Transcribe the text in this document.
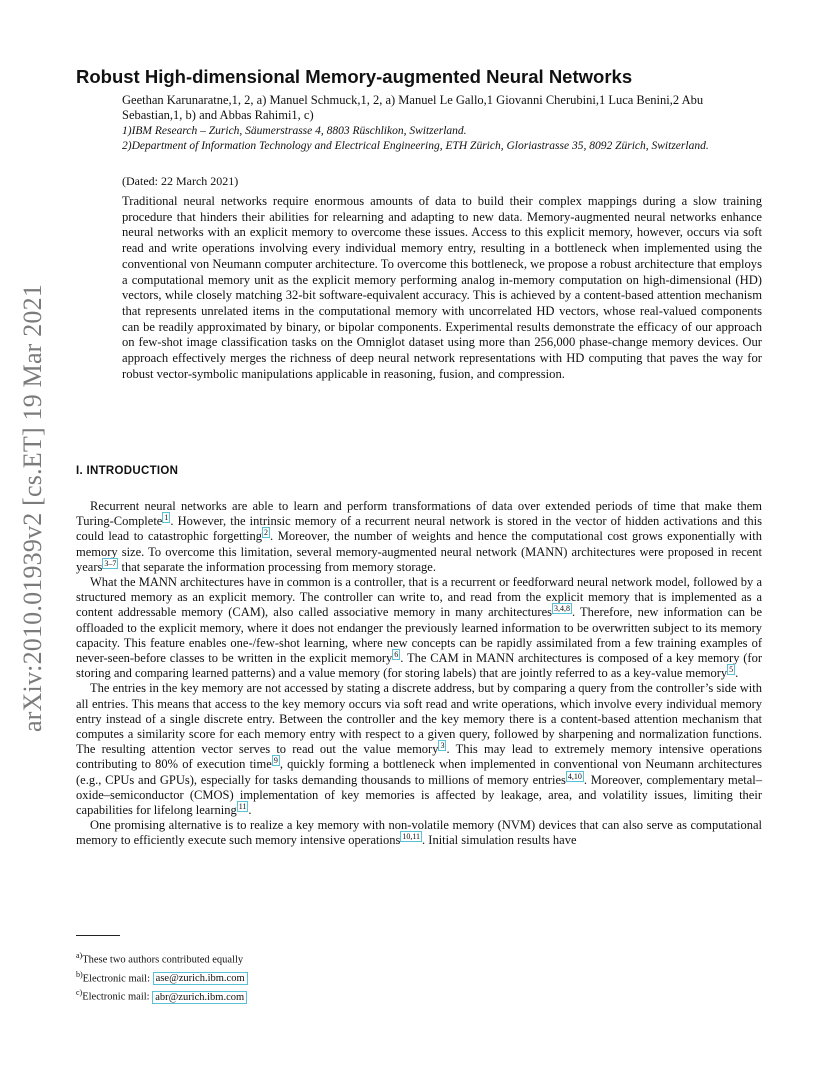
arXiv:2010.01939v2 [cs.ET] 19 Mar 2021
Robust High-dimensional Memory-augmented Neural Networks
Geethan Karunaratne,1, 2, a) Manuel Schmuck,1, 2, a) Manuel Le Gallo,1 Giovanni Cherubini,1 Luca Benini,2 Abu
Sebastian,1, b) and Abbas Rahimi1, c)
1)IBM Research – Zurich, Säumerstrasse 4, 8803 Rüschlikon, Switzerland.
2)Department of Information Technology and Electrical Engineering, ETH Zürich, Gloriastrasse 35, 8092 Zürich, Switzerland.
(Dated: 22 March 2021)
Traditional neural networks require enormous amounts of data to build their complex mappings during a slow training procedure that hinders their abilities for relearning and adapting to new data. Memory-augmented neural networks enhance neural networks with an explicit memory to overcome these issues. Access to this explicit memory, however, occurs via soft read and write operations involving every individual memory entry, resulting in a bottleneck when implemented using the conventional von Neumann computer architecture. To overcome this bottleneck, we propose a robust architecture that employs a computational memory unit as the explicit memory performing analog in-memory computation on high-dimensional (HD) vectors, while closely matching 32-bit software-equivalent accuracy. This is achieved by a content-based attention mechanism that represents unrelated items in the computational memory with uncorrelated HD vectors, whose real-valued components can be readily approximated by binary, or bipolar components. Experimental results demonstrate the efficacy of our approach on few-shot image classification tasks on the Omniglot dataset using more than 256,000 phase-change memory devices. Our approach effectively merges the richness of deep neural network representations with HD computing that paves the way for robust vector-symbolic manipulations applicable in reasoning, fusion, and compression.
I. INTRODUCTION

Recurrent neural networks are able to learn and perform transformations of data over extended periods of time that make them Turing-Complete $^1$ . However, the intrinsic memory of a recurrent neural network is stored in the vector of hidden activations and this could lead to catastrophic forgetting $^2$ . Moreover, the number of weights and hence the computational cost grows exponentially with memory size. To overcome this limitation, several memory-augmented neural network (MANN) architectures were proposed in recent years $^{3-7}$ that separate the information processing from memory storage.

What the MANN architectures have in common is a controller, that is a recurrent or feedforward neural network model, followed by a structured memory as an explicit memory. The controller can write to, and read from the explicit memory that is implemented as a content addressable memory (CAM), also called associative memory in many architectures $^{3,4,8}$ . Therefore, new information can be offloaded to the explicit memory, where it does not endanger the previously learned information to be overwritten subject to its memory capacity. This feature enables one-/few-shot learning, where new concepts can be rapidly assimilated from a few training examples of never-seen-before classes to be written in the explicit memory $^6$ . The CAM in MANN architectures is composed of a key memory (for storing and comparing learned patterns) and a value memory (for storing labels) that are jointly referred to as a key-value memory $^5$ .

The entries in the key memory are not accessed by stating a discrete address, but by comparing a query from the controller’s side with all entries. This means that access to the key memory occurs via soft read and write operations, which involve every individual memory entry instead of a single discrete entry. Between the controller and the key memory there is a content-based attention mechanism that computes a similarity score for each memory entry with respect to a given query, followed by sharpening and normalization functions. The resulting attention vector serves to read out the value memory $^3$ . This may lead to extremely memory intensive operations contributing to 80% of execution time $^9$ , quickly forming a bottleneck when implemented in conventional von Neumann architectures (e.g., CPUs and GPUs), especially for tasks demanding thousands to millions of memory entries $^{4,10}$ . Moreover, complementary metal–oxide–semiconductor (CMOS) implementation of key memories is affected by leakage, area, and volatility issues, limiting their capabilities for lifelong learning $^{11}$ .

One promising alternative is to realize a key memory with non-volatile memory (NVM) devices that can also serve as computational memory to efficiently execute such memory intensive operations $^{10,11}$ . Initial simulation results have

$^{a)}$These two authors contributed equally
$^{b)}$Electronic mail: ase@zurich.ibm.com
$^{c)}$Electronic mail: abr@zurich.ibm.com
